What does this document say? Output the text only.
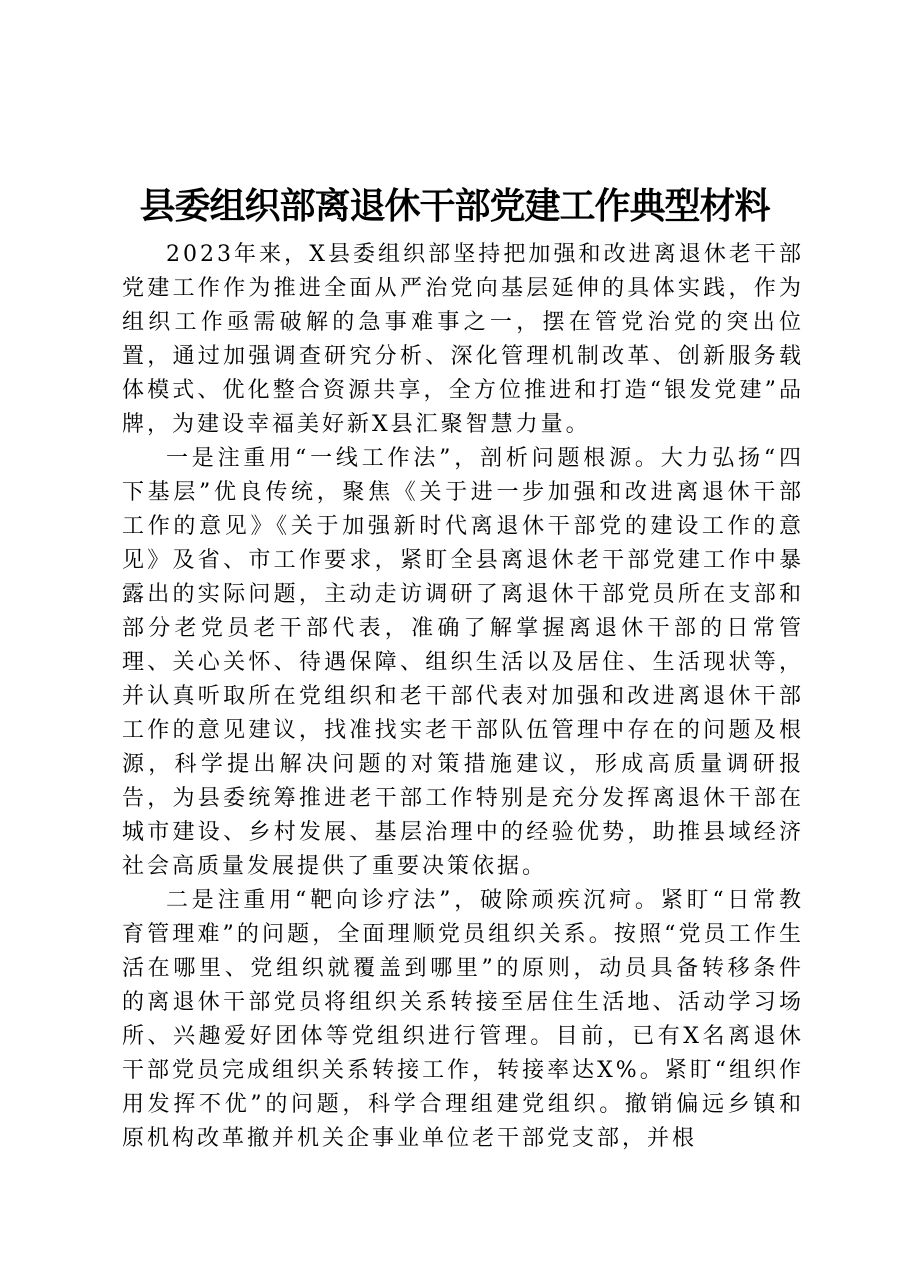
县委组织部离退休干部党建工作典型材料

2023年来，X县委组织部坚持把加强和改进离退休老干部党建工作作为推进全面从严治党向基层延伸的具体实践，作为组织工作亟需破解的急事难事之一，摆在管党治党的突出位置，通过加强调查研究分析、深化管理机制改革、创新服务载体模式、优化整合资源共享，全方位推进和打造“银发党建”品牌，为建设幸福美好新X县汇聚智慧力量。

一是注重用“一线工作法”，剖析问题根源。大力弘扬“四下基层”优良传统，聚焦《关于进一步加强和改进离退休干部工作的意见》《关于加强新时代离退休干部党的建设工作的意见》及省、市工作要求，紧盯全县离退休老干部党建工作中暴露出的实际问题，主动走访调研了离退休干部党员所在支部和部分老党员老干部代表，准确了解掌握离退休干部的日常管理、关心关怀、待遇保障、组织生活以及居住、生活现状等，并认真听取所在党组织和老干部代表对加强和改进离退休干部工作的意见建议，找准找实老干部队伍管理中存在的问题及根源，科学提出解决问题的对策措施建议，形成高质量调研报告，为县委统筹推进老干部工作特别是充分发挥离退休干部在城市建设、乡村发展、基层治理中的经验优势，助推县域经济社会高质量发展提供了重要决策依据。

二是注重用“靶向诊疗法”，破除顽疾沉疴。紧盯“日常教育管理难”的问题，全面理顺党员组织关系。按照“党员工作生活在哪里、党组织就覆盖到哪里”的原则，动员具备转移条件的离退休干部党员将组织关系转接至居住生活地、活动学习场所、兴趣爱好团体等党组织进行管理。目前，已有X名离退休干部党员完成组织关系转接工作，转接率达X%。紧盯“组织作用发挥不优”的问题，科学合理组建党组织。撤销偏远乡镇和原机构改革撤并机关企事业单位老干部党支部，并根
